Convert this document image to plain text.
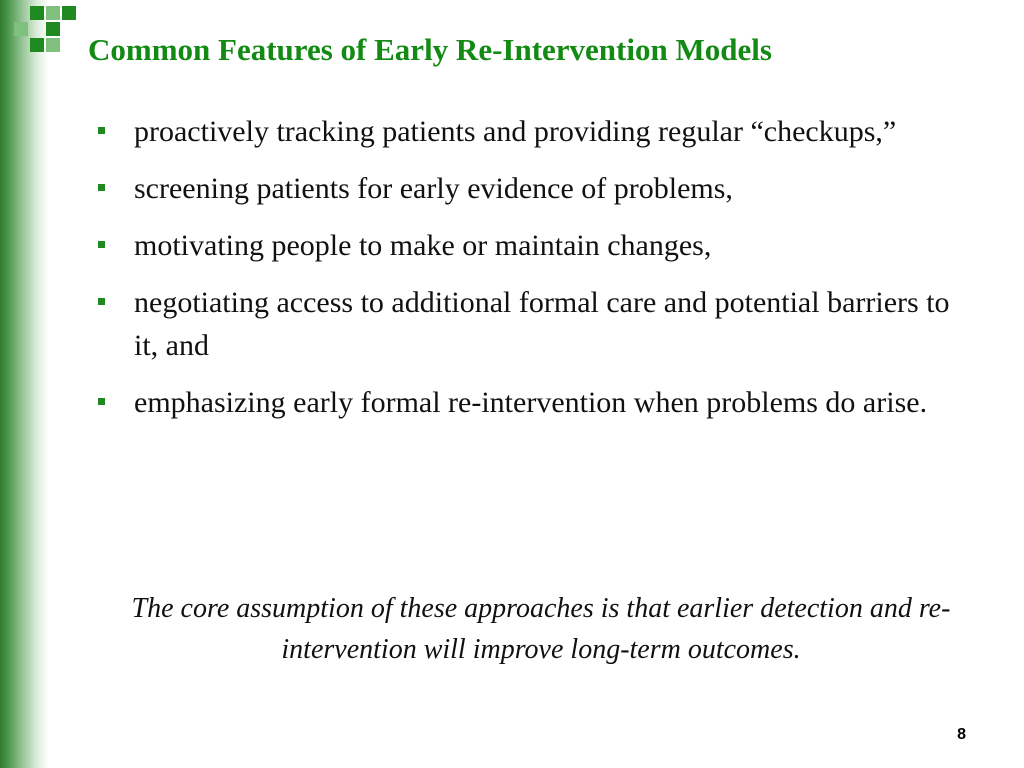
Common Features of Early Re-Intervention Models
proactively tracking patients and providing regular “checkups,”
screening patients for early evidence of problems,
motivating people to make or maintain changes,
negotiating access to additional formal care and potential barriers to it, and
emphasizing early formal re-intervention when problems do arise.
The core assumption of these approaches is that earlier detection and re-intervention will improve long-term outcomes.
8
